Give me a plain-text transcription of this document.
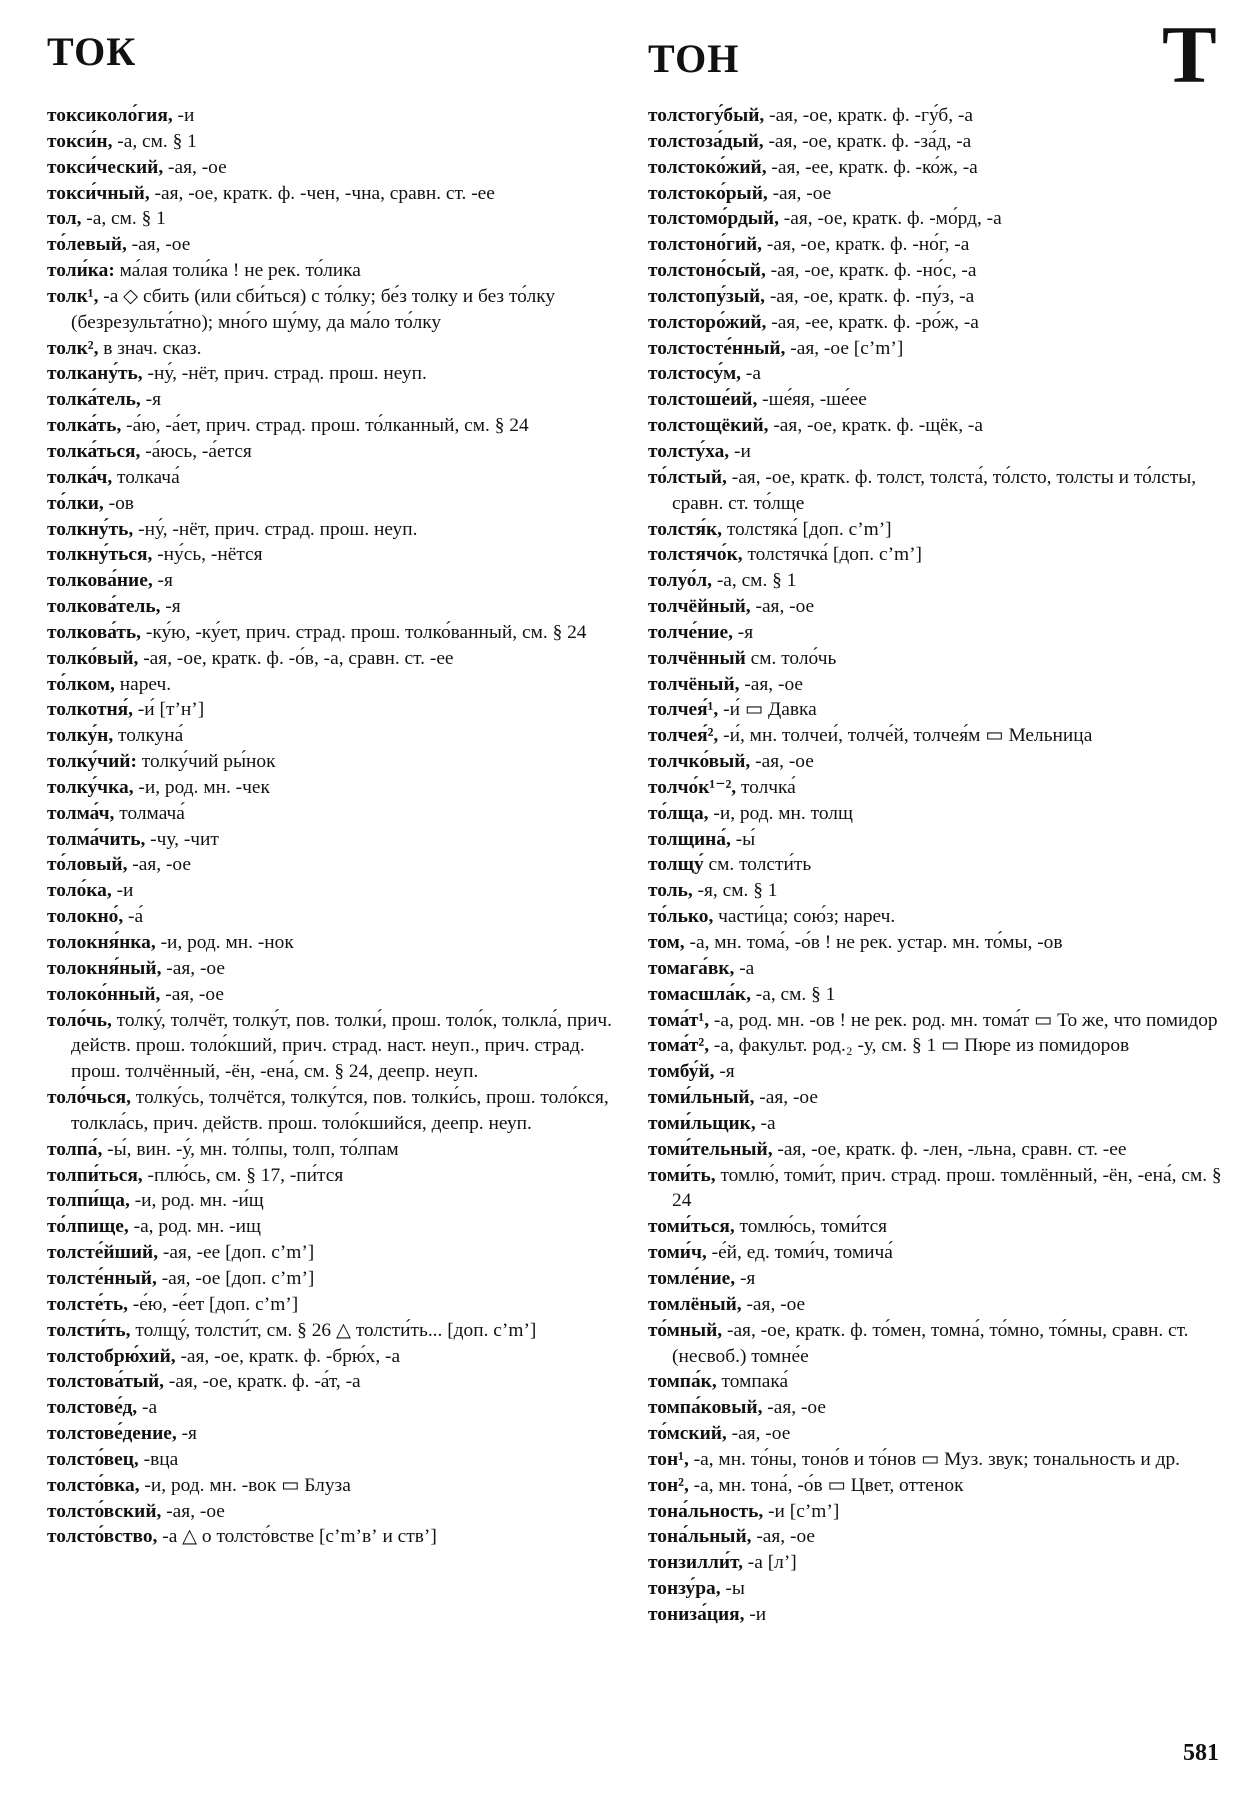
ТОК	ТОН	Т
токсиколо́гия, -и
токси́н, -а, см. § 1
токси́ческий, -ая, -ое
токси́чный, -ая, -ое, кратк. ф. -чен, -чна, сравн. ст. -ее
тол, -а, см. § 1
то́левый, -ая, -ое
толи́ка: ма́лая толи́ка ! не рек. то́лика
толк¹, -а ◇ сбить (или сби́ться) с то́лку; бе́з толку и без то́лку (безрезульта́тно); мно́го шу́му, да ма́ло то́лку
толк², в знач. сказ.
толкану́ть, -ну́, -нёт, прич. страд. прош. неуп.
толка́тель, -я
толка́ть, -а́ю, -а́ет, прич. страд. прош. то́лканный, см. § 24
толка́ться, -а́юсь, -а́ется
толка́ч, толкача́
то́лки, -ов
толкну́ть, -ну́, -нёт, прич. страд. прош. неуп.
толкну́ться, -ну́сь, -нётся
толкова́ние, -я
толкова́тель, -я
толкова́ть, -ку́ю, -ку́ет, прич. страд. прош. толко́ванный, см. § 24
толко́вый, -ая, -ое, кратк. ф. -о́в, -а, сравн. ст. -ее
то́лком, нареч.
толкотня́, -и́ [тʼнʼ]
толку́н, толкуна́
толку́чий: толку́чий ры́нок
толку́чка, -и, род. мн. -чек
толма́ч, толмача́
толма́чить, -чу, -чит
то́ловый, -ая, -ое
толо́ка, -и
толокно́, -а́
толокня́нка, -и, род. мн. -нок
толокня́ный, -ая, -ое
толоко́нный, -ая, -ое
толо́чь, толку́, толчёт, толку́т, пов. толки́, прош. толо́к, толкла́, прич. действ. прош. толо́кший, прич. страд. наст. неуп., прич. страд. прош. толчённый, -ён, -ена́, см. § 24, деепр. неуп.
толо́чься, толку́сь, толчётся, толку́тся, пов. толки́сь, прош. толо́кся, толкла́сь, прич. действ. прош. толо́кшийся, деепр. неуп.
толпа́, -ы́, вин. -у́, мн. то́лпы, толп, то́лпам
толпи́ться, -плю́сь, см. § 17, -пи́тся
толпи́ща, -и, род. мн. -и́щ
то́лпище, -а, род. мн. -ищ
толсте́йший, -ая, -ее [доп. cʼmʼ]
толсте́нный, -ая, -ое [доп. cʼmʼ]
толсте́ть, -е́ю, -е́ет [доп. cʼmʼ]
толсти́ть, толщу́, толсти́т, см. § 26 △ толсти́ть... [доп. cʼmʼ]
толстобрю́хий, -ая, -ое, кратк. ф. -брю́х, -а
толстова́тый, -ая, -ое, кратк. ф. -а́т, -а
толстове́д, -а
толстове́дение, -я
толсто́вец, -вца
толсто́вка, -и, род. мн. -вок ▭ Блуза
толсто́вский, -ая, -ое
толсто́вство, -а △ о толсто́встве [cʼmʼвʼ и ствʼ]
толстогу́бый, -ая, -ое, кратк. ф. -гу́б, -а
толстоза́дый, -ая, -ое, кратк. ф. -за́д, -а
толстоко́жий, -ая, -ее, кратк. ф. -ко́ж, -а
толстоко́рый, -ая, -ое
толстомо́рдый, -ая, -ое, кратк. ф. -мо́рд, -а
толстоно́гий, -ая, -ое, кратк. ф. -но́г, -а
толстоно́сый, -ая, -ое, кратк. ф. -но́с, -а
толстопу́зый, -ая, -ое, кратк. ф. -пу́з, -а
толсторо́жий, -ая, -ее, кратк. ф. -ро́ж, -а
толстосте́нный, -ая, -ое [cʼmʼ]
толстосу́м, -а
толстоше́ий, -ше́яя, -ше́ее
толстощёкий, -ая, -ое, кратк. ф. -щёк, -а
толсту́ха, -и
то́лстый, -ая, -ое, кратк. ф. толст, толста́, то́лсто, толсты и то́лсты, сравн. ст. то́лще
толстя́к, толстяка́ [доп. cʼmʼ]
толстячо́к, толстячка́ [доп. cʼmʼ]
толуо́л, -а, см. § 1
толчёйный, -ая, -ое
толче́ние, -я
толчённый см. толо́чь
толчёный, -ая, -ое
толчея́¹, -и́ ▭ Давка
толчея́², -и́, мн. толчеи́, толче́й, толчея́м ▭ Мельница
толчко́вый, -ая, -ое
толчо́к¹⁻², толчка́
то́лща, -и, род. мн. толщ
толщина́, -ы́
толщу́ см. толсти́ть
толь, -я, см. § 1
то́лько, части́ца; сою́з; нареч.
том, -а, мн. тома́, -о́в ! не рек. устар. мн. то́мы, -ов
томага́вк, -а
томасшла́к, -а, см. § 1
тома́т¹, -а, род. мн. -ов ! не рек. род. мн. тома́т ▭ То же, что помидор
тома́т², -а, факульт. род.₂ -у, см. § 1 ▭ Пюре из помидоров
томбу́й, -я
томи́льный, -ая, -ое
томи́льщик, -а
томи́тельный, -ая, -ое, кратк. ф. -лен, -льна, сравн. ст. -ее
томи́ть, томлю́, томи́т, прич. страд. прош. томлённый, -ён, -ена́, см. § 24
томи́ться, томлю́сь, томи́тся
томи́ч, -е́й, ед. томи́ч, томича́
томле́ние, -я
томлёный, -ая, -ое
то́мный, -ая, -ое, кратк. ф. то́мен, томна́, то́мно, то́мны, сравн. ст. (несвоб.) томне́е
томпа́к, томпака́
томпа́ковый, -ая, -ое
то́мский, -ая, -ое
тон¹, -а, мн. то́ны, тоно́в и то́нов ▭ Муз. звук; тональность и др.
тон², -а, мн. тона́, -о́в ▭ Цвет, оттенок
тона́льность, -и [cʼmʼ]
тона́льный, -ая, -ое
тонзилли́т, -а [лʼ]
тонзу́ра, -ы
тониза́ция, -и
581
